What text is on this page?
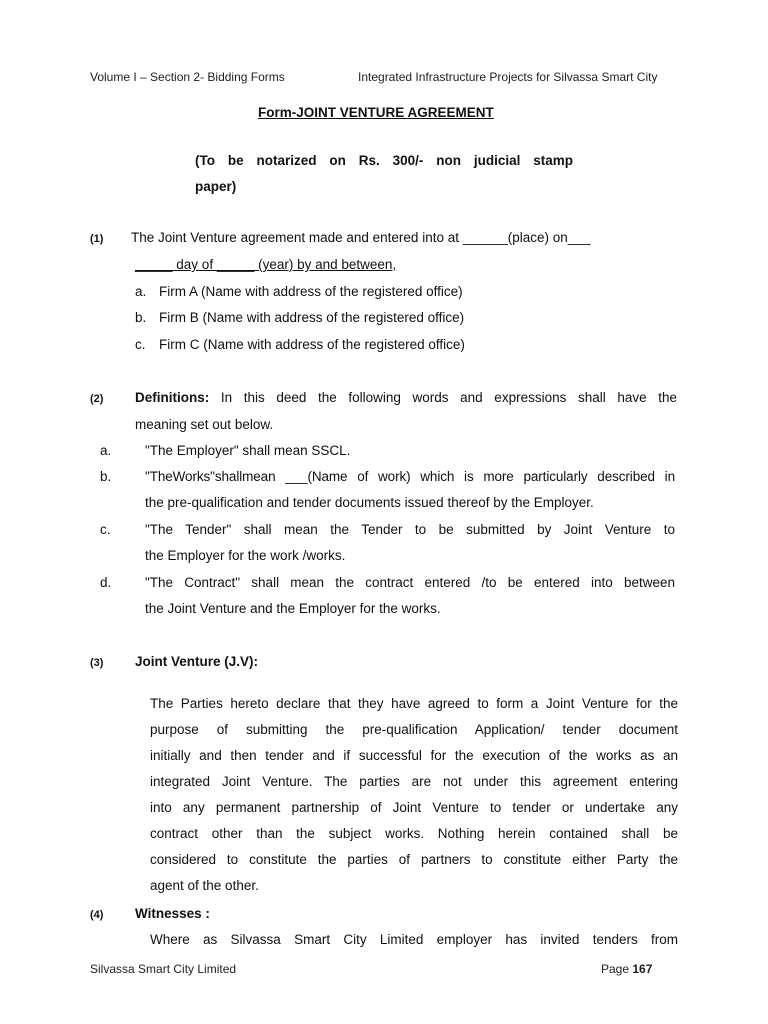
Volume I – Section 2- Bidding Forms	Integrated Infrastructure Projects for Silvassa Smart City
Form-JOINT VENTURE AGREEMENT
(To be notarized on Rs. 300/- non judicial stamp
paper)
(1) The Joint Venture agreement made and entered into at ______(place) on___
_____ day of _____ (year) by and between,
a. Firm A (Name with address of the registered office)
b. Firm B (Name with address of the registered office)
c. Firm C (Name with address of the registered office)
(2) Definitions: In this deed the following words and expressions shall have the
meaning set out below.
a. "The Employer" shall mean SSCL.
b. "TheWorks"shallmean ___(Name of work) which is more particularly described in
the pre-qualification and tender documents issued thereof by the Employer.
c.	"The Tender" shall mean the Tender to be submitted by Joint Venture to
the Employer for the work /works.
d. "The Contract" shall mean the contract entered /to be entered into between
the Joint Venture and the Employer for the works.
(3) Joint Venture (J.V):
The Parties hereto declare that they have agreed to form a Joint Venture for the
purpose of submitting the pre-qualification Application/ tender document
initially and then tender and if successful for the execution of the works as an
integrated Joint Venture. The parties are not under this agreement entering
into any permanent partnership of Joint Venture to tender or undertake any
contract other than the subject works. Nothing herein contained shall be
considered to constitute the parties of partners to constitute either Party the
agent of the other.
(4) Witnesses :
Where as Silvassa Smart City Limited employer has invited tenders from
Silvassa Smart City Limited	Page 167
